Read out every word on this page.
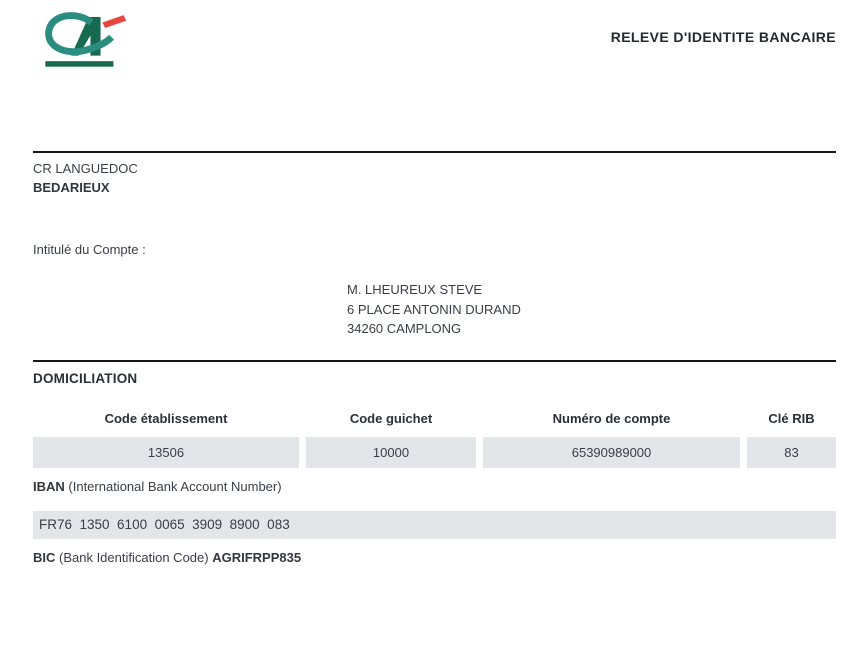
RELEVE D'IDENTITE BANCAIRE
CR LANGUEDOC
BEDARIEUX
Intitulé du Compte :
M. LHEUREUX STEVE
6 PLACE ANTONIN DURAND
34260 CAMPLONG
DOMICILIATION
Code établissement	Code guichet	Numéro de compte	Clé RIB
13506	10000	65390989000	83
IBAN (International Bank Account Number)
FR76  1350  6100  0065  3909  8900  083
BIC (Bank Identification Code) AGRIFRPP835
